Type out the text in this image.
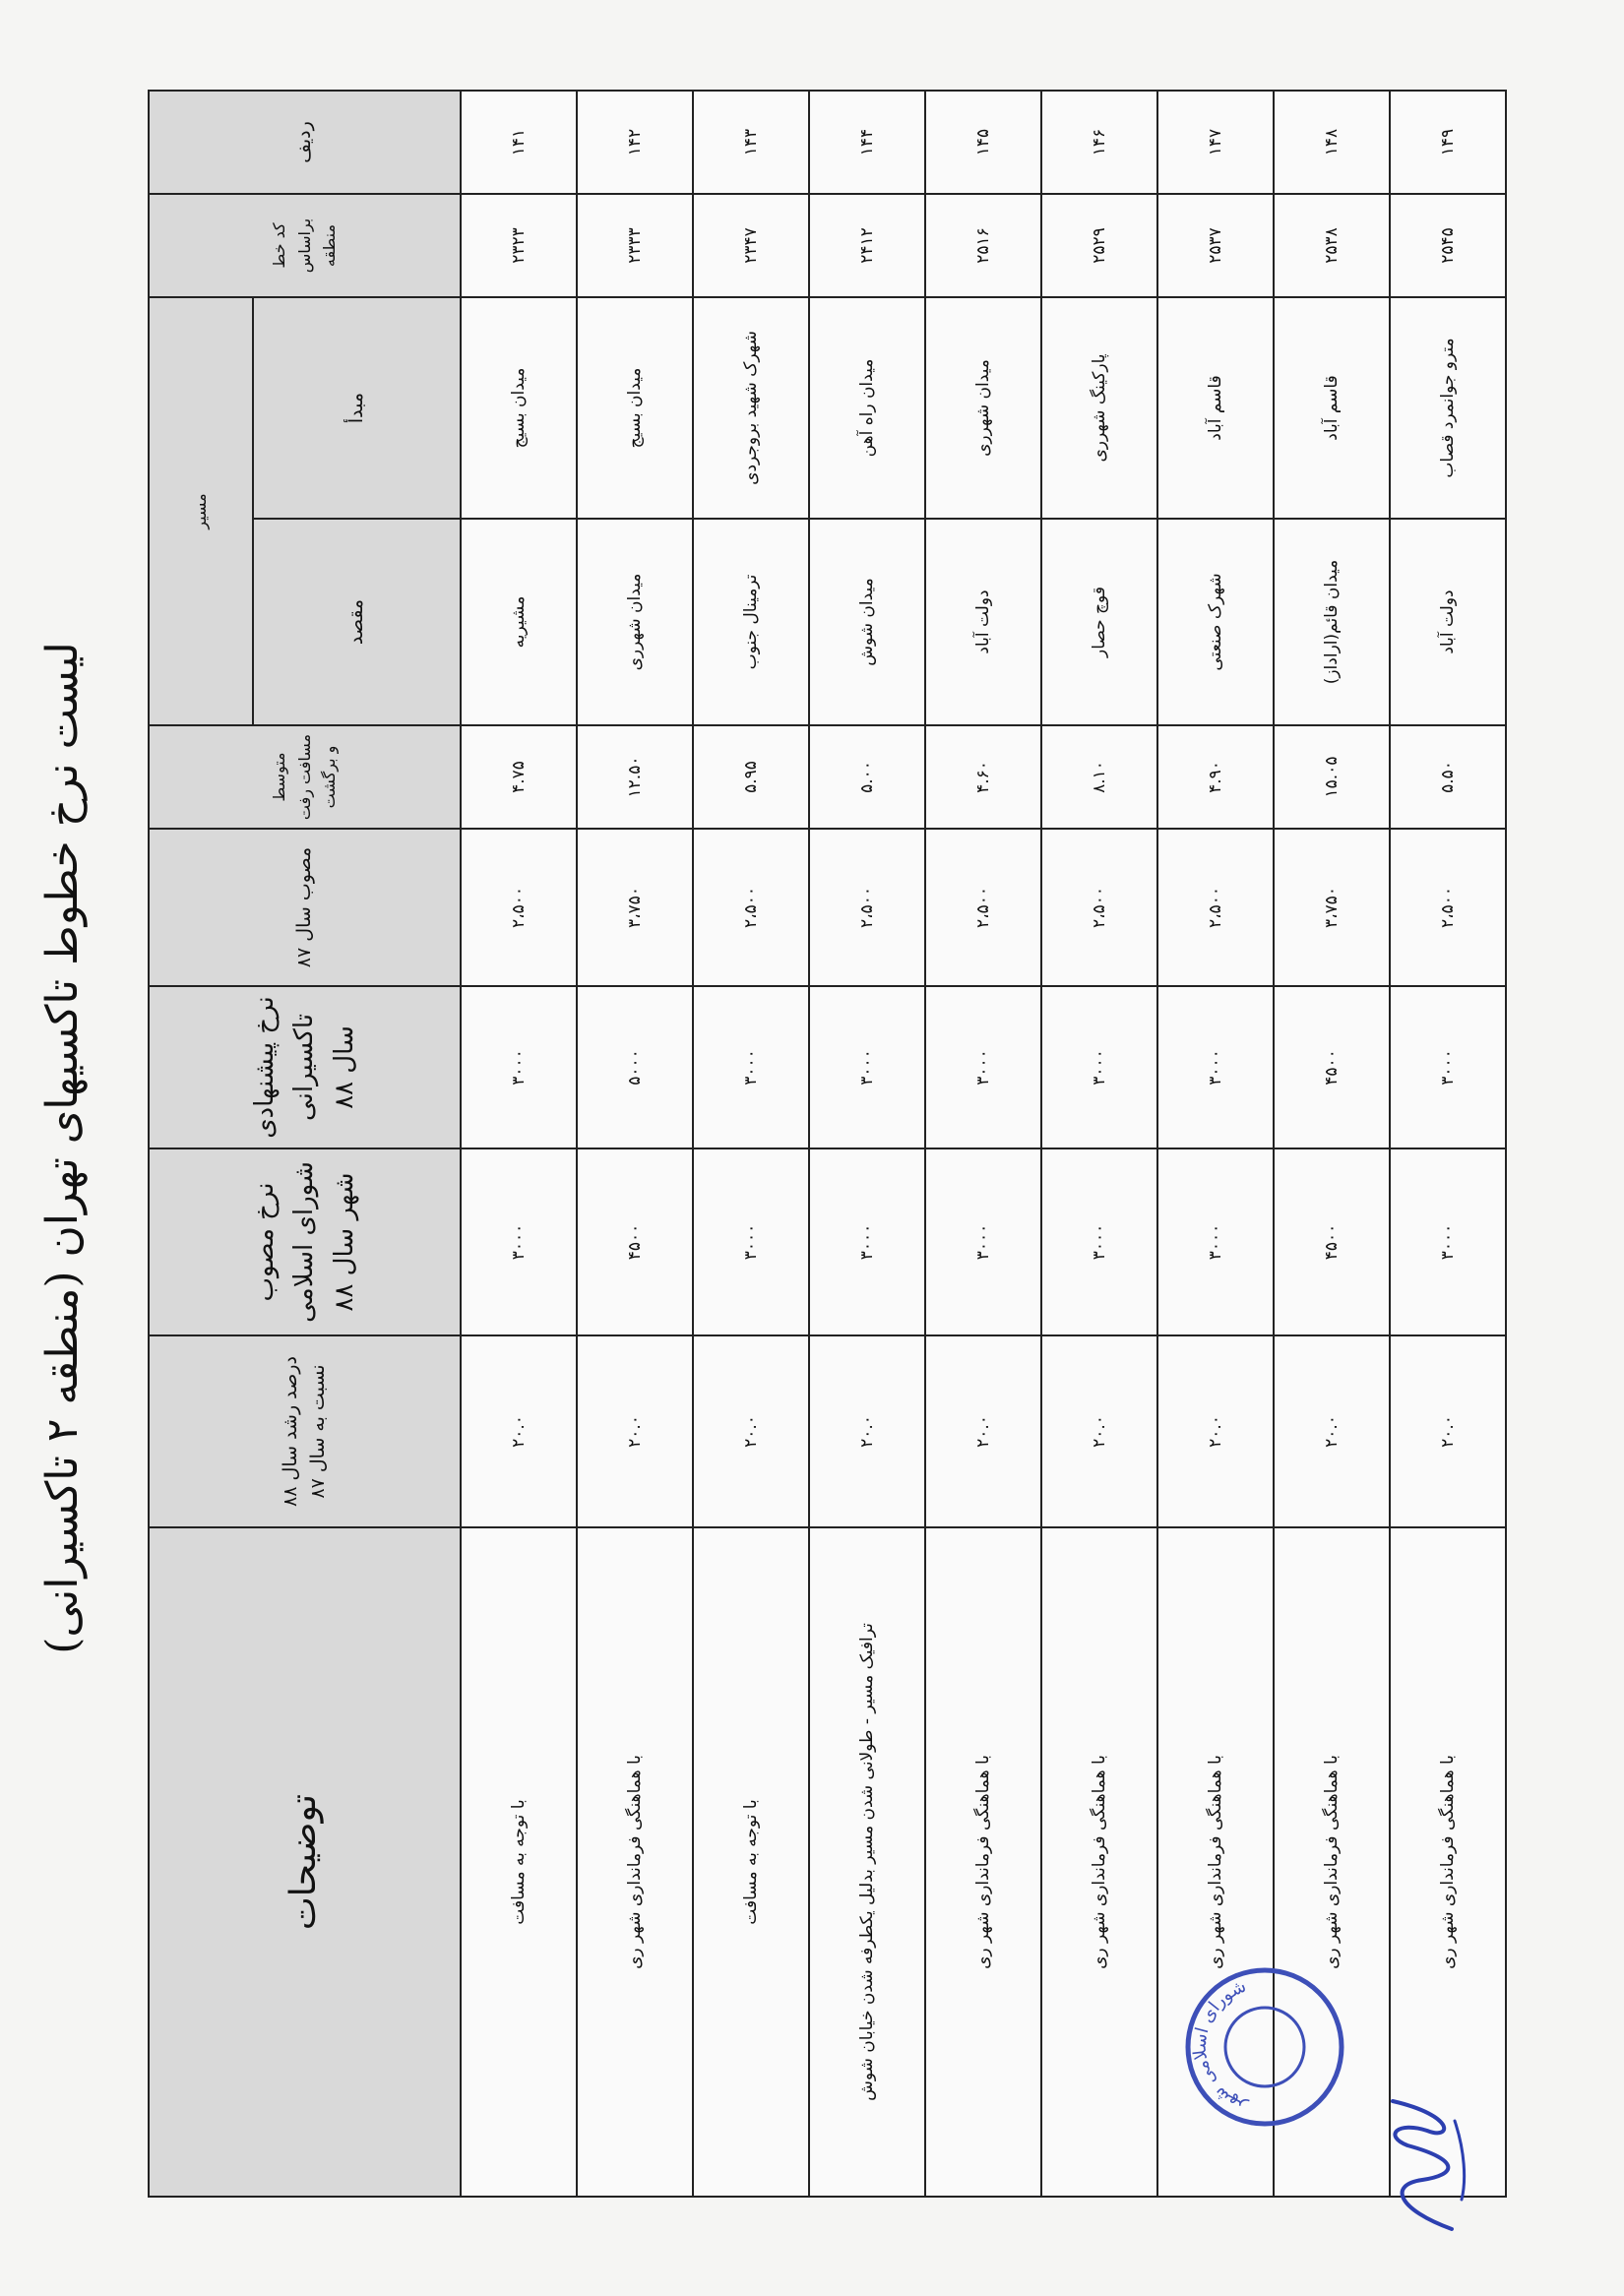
لیست نرخ خطوط تاکسیهای تهران (منطقه ۲ تاکسیرانی)
ردیف	کد خط براساس منطقه	مسیر		متوسط مسافت رفت و برگشت	مصوب سال ۸۷	نرخ پیشنهادی تاکسیرانی سال ۸۸	نرخ مصوب شورای اسلامی شهر سال ۸۸	درصد رشد سال ۸۸ نسبت به سال ۸۷	توضیحات
		مبدأ	مقصد						
۱۴۱	۲۳۲۳	میدان بسیج	مشیریه	۴.۷۵	۲،۵۰۰	۳۰۰۰	۳۰۰۰	۲۰.۰	با توجه به مسافت
۱۴۲	۲۳۳۳	میدان بسیج	میدان شهرری	۱۲.۵۰	۳،۷۵۰	۵۰۰۰	۴۵۰۰	۲۰.۰	با هماهنگی فرمانداری شهر ری
۱۴۳	۲۳۴۷	شهرک شهید بروجردی	ترمینال جنوب	۵.۹۵	۲،۵۰۰	۳۰۰۰	۳۰۰۰	۲۰.۰	با توجه به مسافت
۱۴۴	۲۴۱۲	میدان راه آهن	میدان شوش	۵.۰۰	۲،۵۰۰	۳۰۰۰	۳۰۰۰	۲۰.۰	ترافیک مسیر - طولانی شدن مسیر بدلیل یکطرفه شدن خیابان شوش
۱۴۵	۲۵۱۶	میدان شهرری	دولت آباد	۴.۶۰	۲،۵۰۰	۳۰۰۰	۳۰۰۰	۲۰.۰	با هماهنگی فرمانداری شهر ری
۱۴۶	۲۵۲۹	پارکینگ شهرری	قوچ حصار	۸.۱۰	۲،۵۰۰	۳۰۰۰	۳۰۰۰	۲۰.۰	با هماهنگی فرمانداری شهر ری
۱۴۷	۲۵۳۷	قاسم آباد	شهرک صنعتی	۴.۹۰	۲،۵۰۰	۳۰۰۰	۳۰۰۰	۲۰.۰	با هماهنگی فرمانداری شهر ری
۱۴۸	۲۵۳۸	قاسم آباد	میدان قائم(اراداز)	۱۵.۰۵	۳،۷۵۰	۴۵۰۰	۴۵۰۰	۲۰.۰	با هماهنگی فرمانداری شهر ری
۱۴۹	۲۵۴۵	مترو جوانمرد قصاب	دولت آباد	۵.۵۰	۲،۵۰۰	۳۰۰۰	۳۰۰۰	۲۰.۰	با هماهنگی فرمانداری شهر ری
شورای اسلامی شهر
